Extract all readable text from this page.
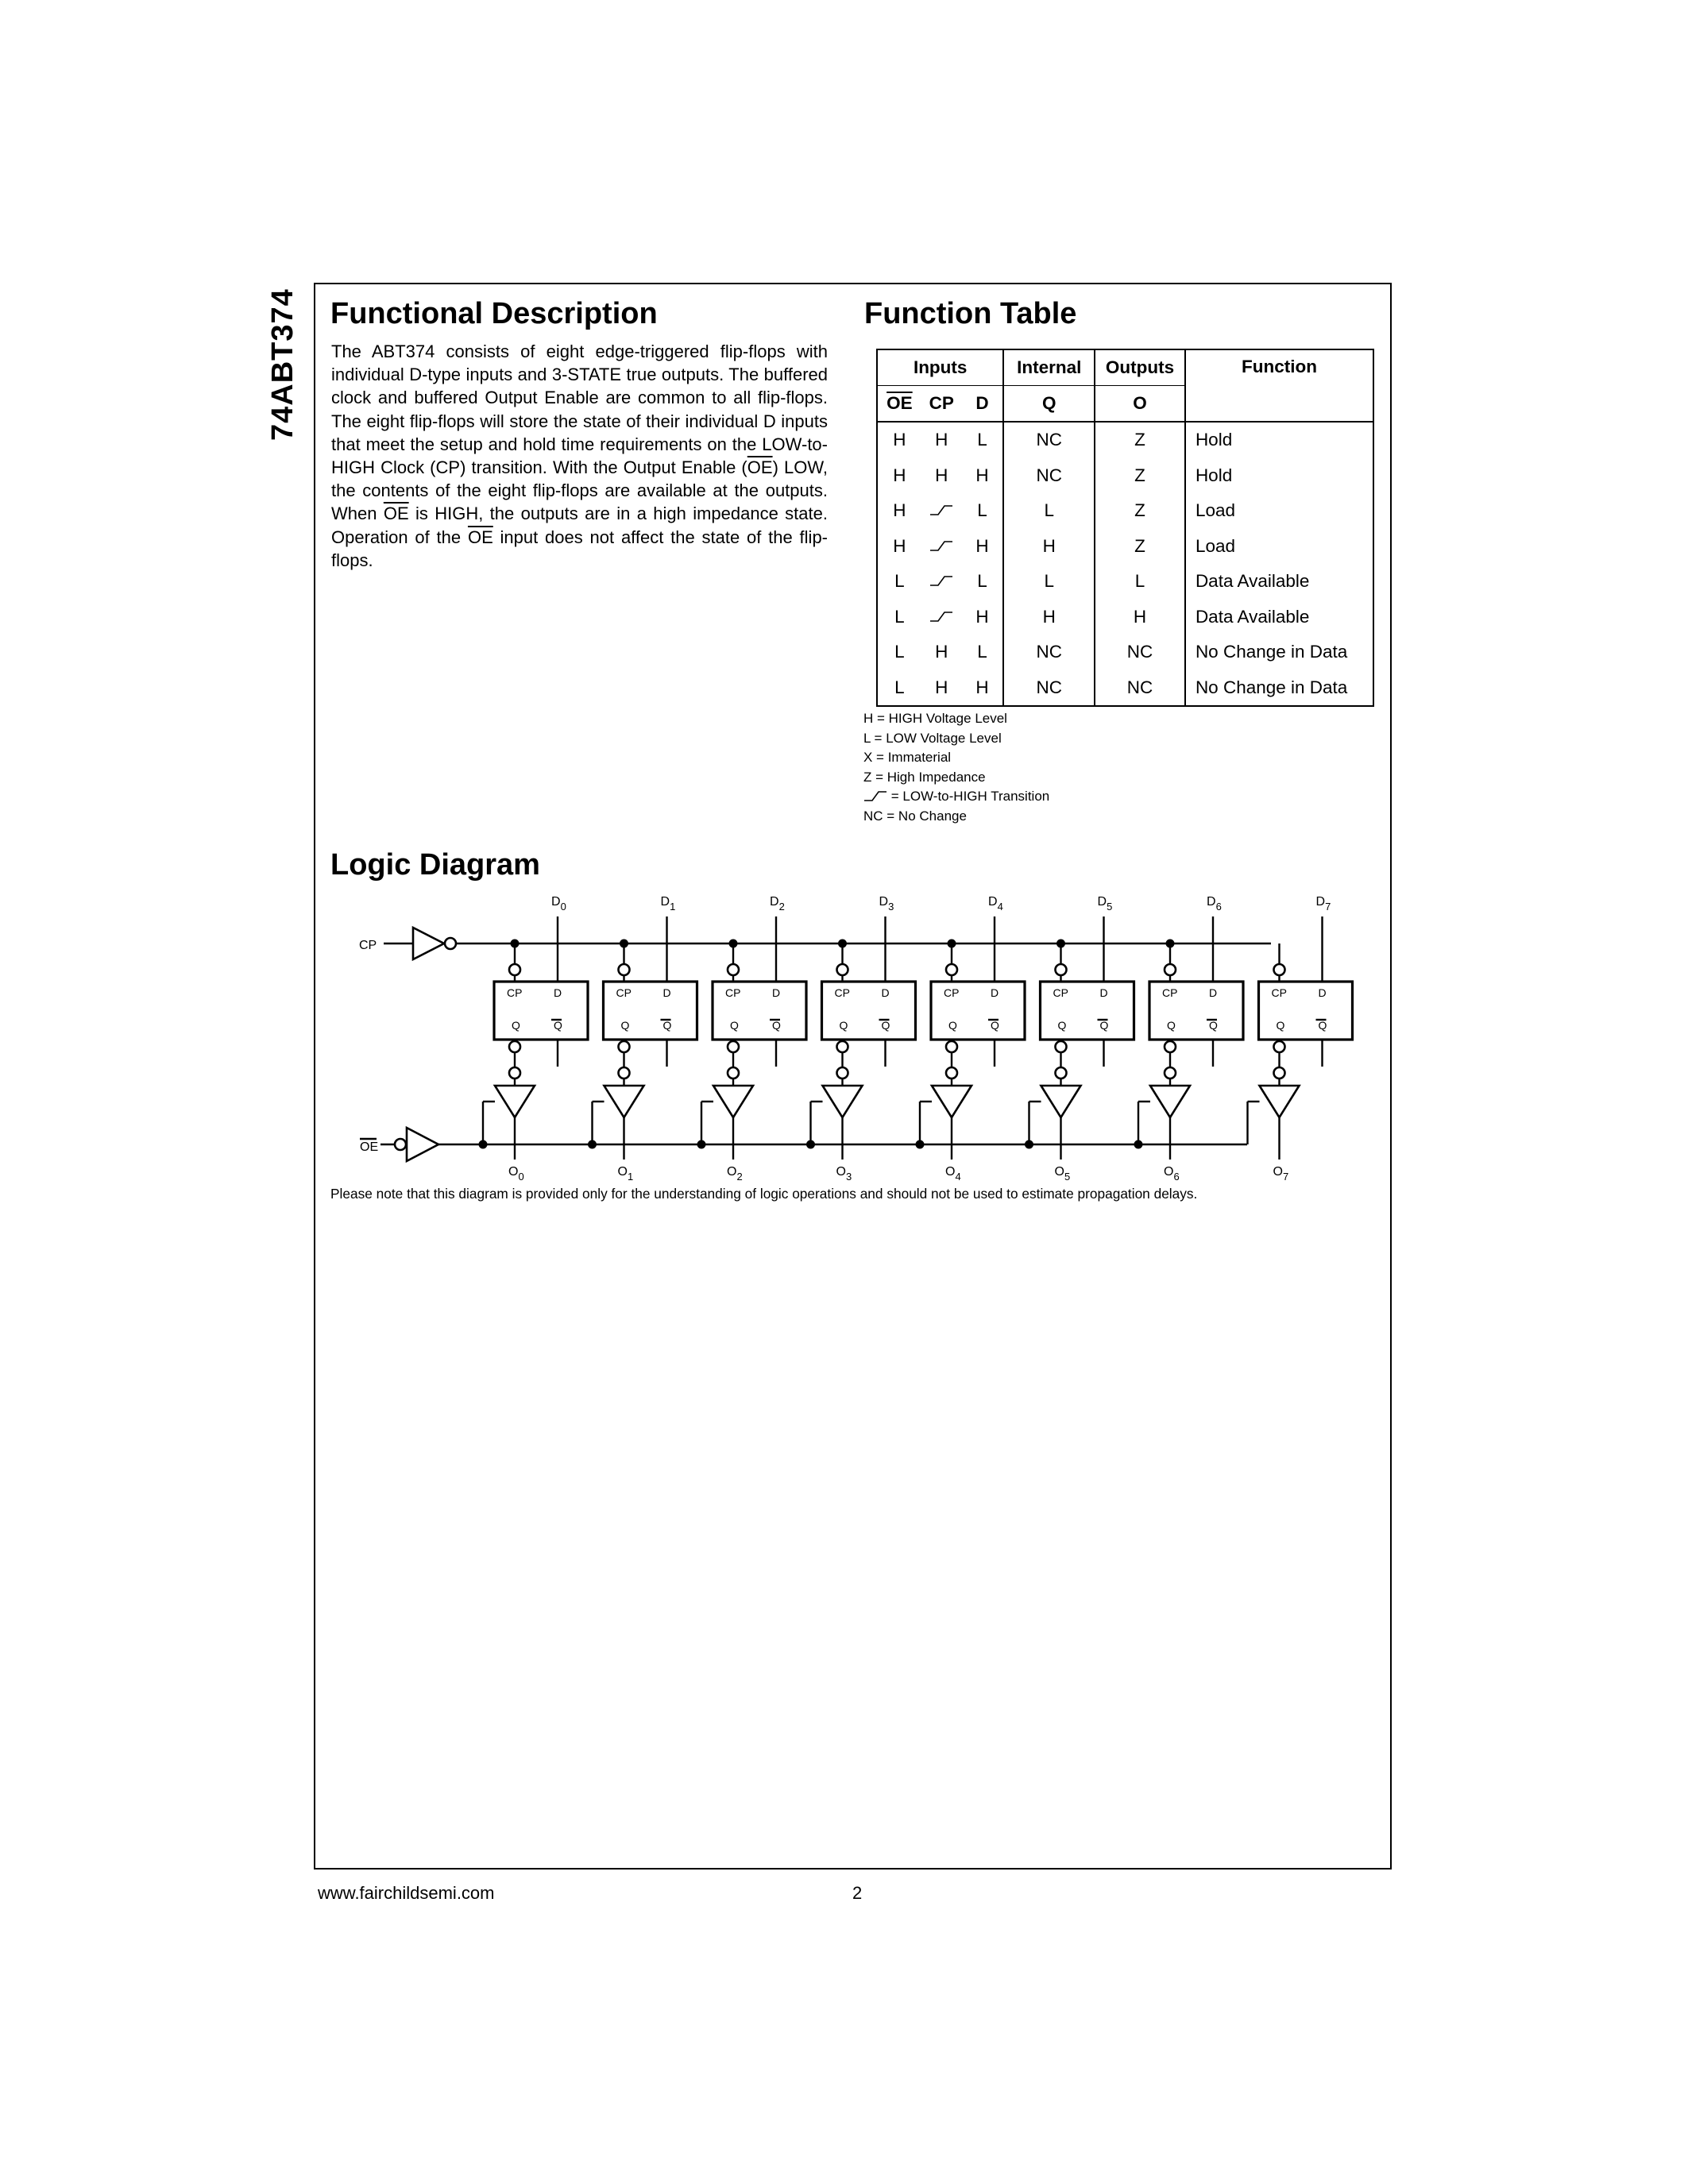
74ABT374	Functional Description

The ABT374 consists of eight edge-triggered flip-flops with individual D-type inputs and 3-STATE true outputs. The buffered clock and buffered Output Enable are common to all flip-flops. The eight flip-flops will store the state of their individual D inputs that meet the setup and hold time requirements on the LOW-to-HIGH Clock (CP) transition. With the Output Enable $(\overline{OE})$ LOW, the contents of the eight flip-flops are available at the outputs. When $\overline{OE}$ is HIGH, the outputs are in a high impedance state. Operation of the $\overline{OE}$ input does not affect the state of the flip-flops.

Function Table
Inputs			Internal	Outputs	Function
$\overline{OE}$	CP	D	Q	O	
H	H	L	NC	Z	Hold
H	H	H	NC	Z	Hold
H		L	L	Z	Load
H		H	H	Z	Load
L		L	L	L	Data Available
L		H	H	H	Data Available
L	H	L	NC	NC	No Change in Data
L	H	H	NC	NC	No Change in Data
H = HIGH Voltage Level
L = LOW Voltage Level
X = Immaterial
Z = High Impedance
= LOW-to-HIGH Transition
NC = No Change
Logic Diagram
CP
OE
$D_0$
CP	D
Q	Q
$O_0$
$D_1$
CP	D
Q	Q
$O_1$
$D_2$
CP	D
Q	Q
$O_2$
$D_3$
CP	D
Q	Q
$O_3$
$D_4$
CP	D
Q	Q
$O_4$
$D_5$
CP	D
Q	Q
$O_5$
$D_6$
CP	D
Q	Q
$O_6$
$D_7$
CP	D
Q	Q
$O_7$
Please note that this diagram is provided only for the understanding of logic operations and should not be used to estimate propagation delays.
www.fairchildsemi.com	2
